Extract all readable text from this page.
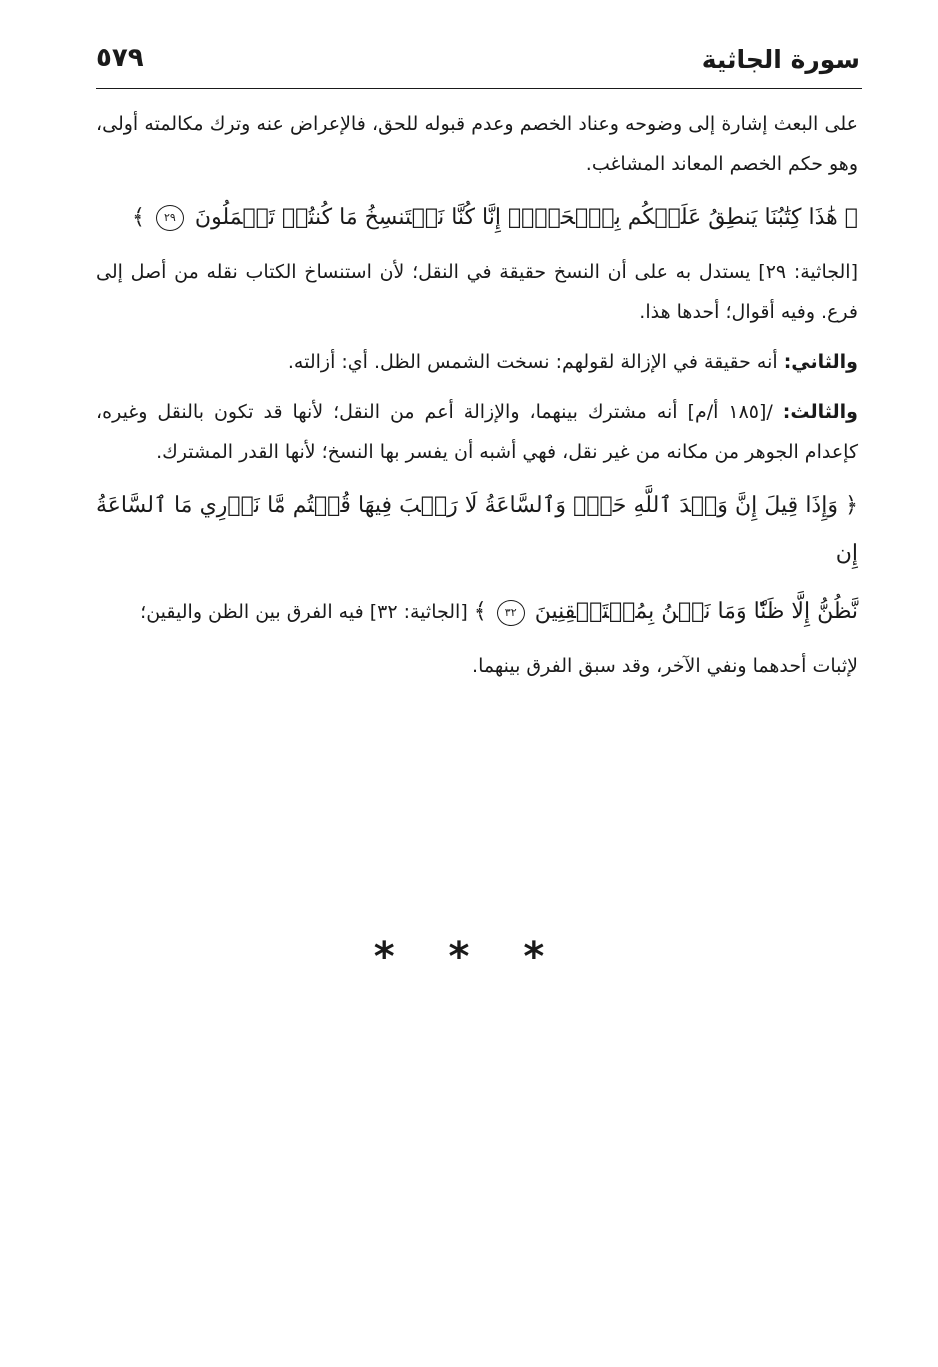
سورة الجاثية
٥٧٩

على البعث إشارة إلى وضوحه وعناد الخصم وعدم قبوله للحق، فالإعراض عنه وترك مكالمته أولى، وهو حكم الخصم المعاند المشاغب.

﴿ هَٰذَا كِتَٰبُنَا يَنطِقُ عَلَيۡكُم بِٱلۡحَقِّۚ إِنَّا كُنَّا نَسۡتَنسِخُ مَا كُنتُمۡ تَعۡمَلُونَ ٢٩ ﴾

[الجاثية: ٢٩] يستدل به على أن النسخ حقيقة في النقل؛ لأن استنساخ الكتاب نقله من أصل إلى فرع. وفيه أقوال؛ أحدها هذا.

والثاني: أنه حقيقة في الإزالة لقولهم: نسخت الشمس الظل. أي: أزالته.

والثالث: /[١٨٥ أ/م] أنه مشترك بينهما، والإزالة أعم من النقل؛ لأنها قد تكون بالنقل وغيره، كإعدام الجوهر من مكانه من غير نقل، فهي أشبه أن يفسر بها النسخ؛ لأنها القدر المشترك.

﴿ وَإِذَا قِيلَ إِنَّ وَعۡدَ ٱللَّهِ حَقّٞ وَٱلسَّاعَةُ لَا رَيۡبَ فِيهَا قُلۡتُم مَّا نَدۡرِي مَا ٱلسَّاعَةُ إِن

نَّظُنُّ إِلَّا ظَنّٗا وَمَا نَحۡنُ بِمُسۡتَيۡقِنِينَ ٣٢ ﴾ [الجاثية: ٣٢] فيه الفرق بين الظن واليقين؛

لإثبات أحدهما ونفي الآخر، وقد سبق الفرق بينهما.

* * *
